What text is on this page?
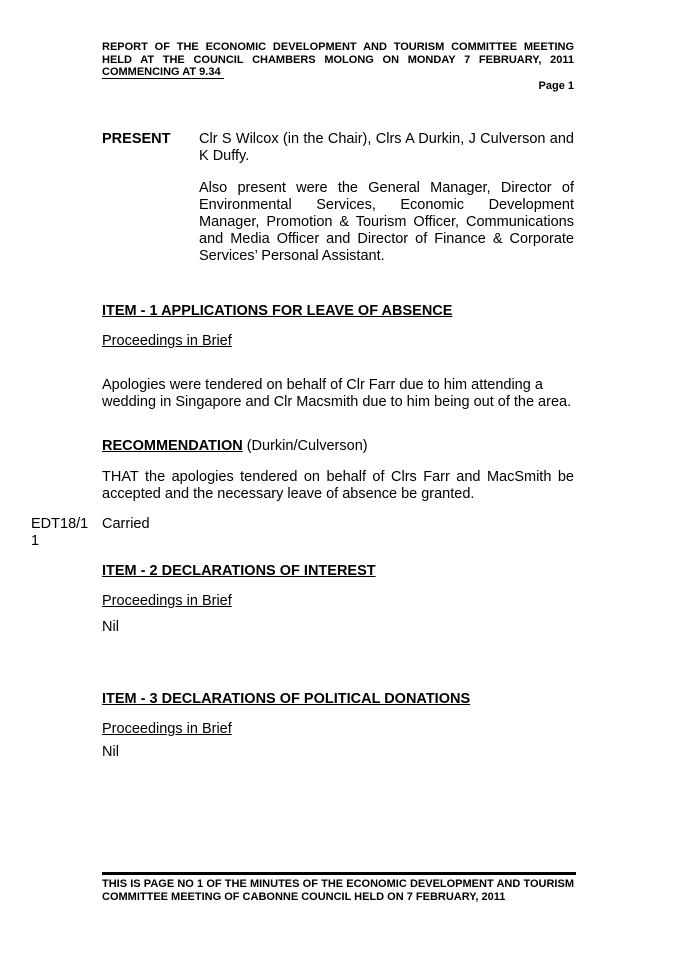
REPORT OF THE ECONOMIC DEVELOPMENT AND TOURISM COMMITTEE MEETING
HELD AT THE COUNCIL CHAMBERS MOLONG ON MONDAY 7 FEBRUARY, 2011
COMMENCING AT 9.34
Page 1
PRESENT Clr S Wilcox (in the Chair), Clrs A Durkin, J Culverson and K Duffy.
Also present were the General Manager, Director of Environmental Services, Economic Development Manager, Promotion & Tourism Officer, Communications and Media Officer and Director of Finance & Corporate Services’ Personal Assistant.
ITEM - 1 APPLICATIONS FOR LEAVE OF ABSENCE
Proceedings in Brief
Apologies were tendered on behalf of Clr Farr due to him attending a wedding in Singapore and Clr Macsmith due to him being out of the area.
RECOMMENDATION (Durkin/Culverson)
THAT the apologies tendered on behalf of Clrs Farr and MacSmith be accepted and the necessary leave of absence be granted.
EDT18/1
1
Carried
ITEM - 2 DECLARATIONS OF INTEREST
Proceedings in Brief
Nil
ITEM - 3 DECLARATIONS OF POLITICAL DONATIONS
Proceedings in Brief
Nil
THIS IS PAGE NO 1 OF THE MINUTES OF THE ECONOMIC DEVELOPMENT AND TOURISM COMMITTEE MEETING OF CABONNE COUNCIL HELD ON 7 FEBRUARY, 2011
